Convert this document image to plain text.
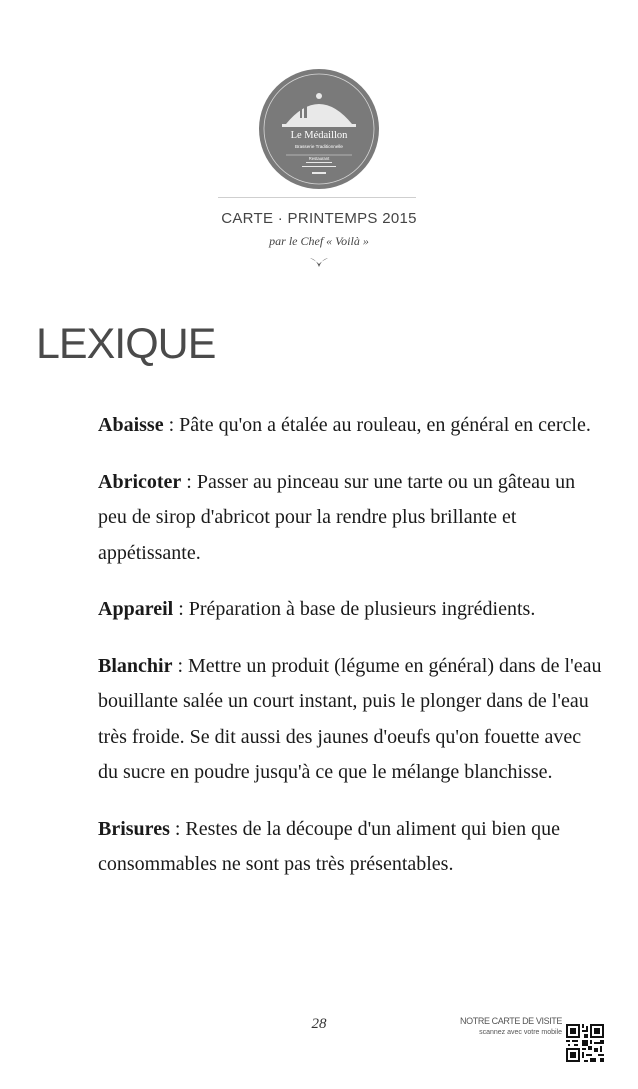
Le Médaillon
Brasserie Traditionnelle
Restaurant
CARTE · PRINTEMPS 2015
par le Chef « Voilà »
LEXIQUE

Abaisse : Pâte qu'on a étalée au rouleau, en général en cercle.

Abricoter : Passer au pinceau sur une tarte ou un gâteau un peu de sirop d'abricot pour la rendre plus brillante et appétissante.

Appareil : Préparation à base de plusieurs ingrédients.

Blanchir : Mettre un produit (légume en général) dans de l'eau bouillante salée un court instant, puis le plonger dans de l'eau très froide. Se dit aussi des jaunes d'oeufs qu'on fouette avec du sucre en poudre jusqu'à ce que le mélange blanchisse.

Brisures : Restes de la découpe d'un aliment qui bien que consommables ne sont pas très présentables.

28	NOTRE CARTE DE VISITE
scannez avec votre mobile
